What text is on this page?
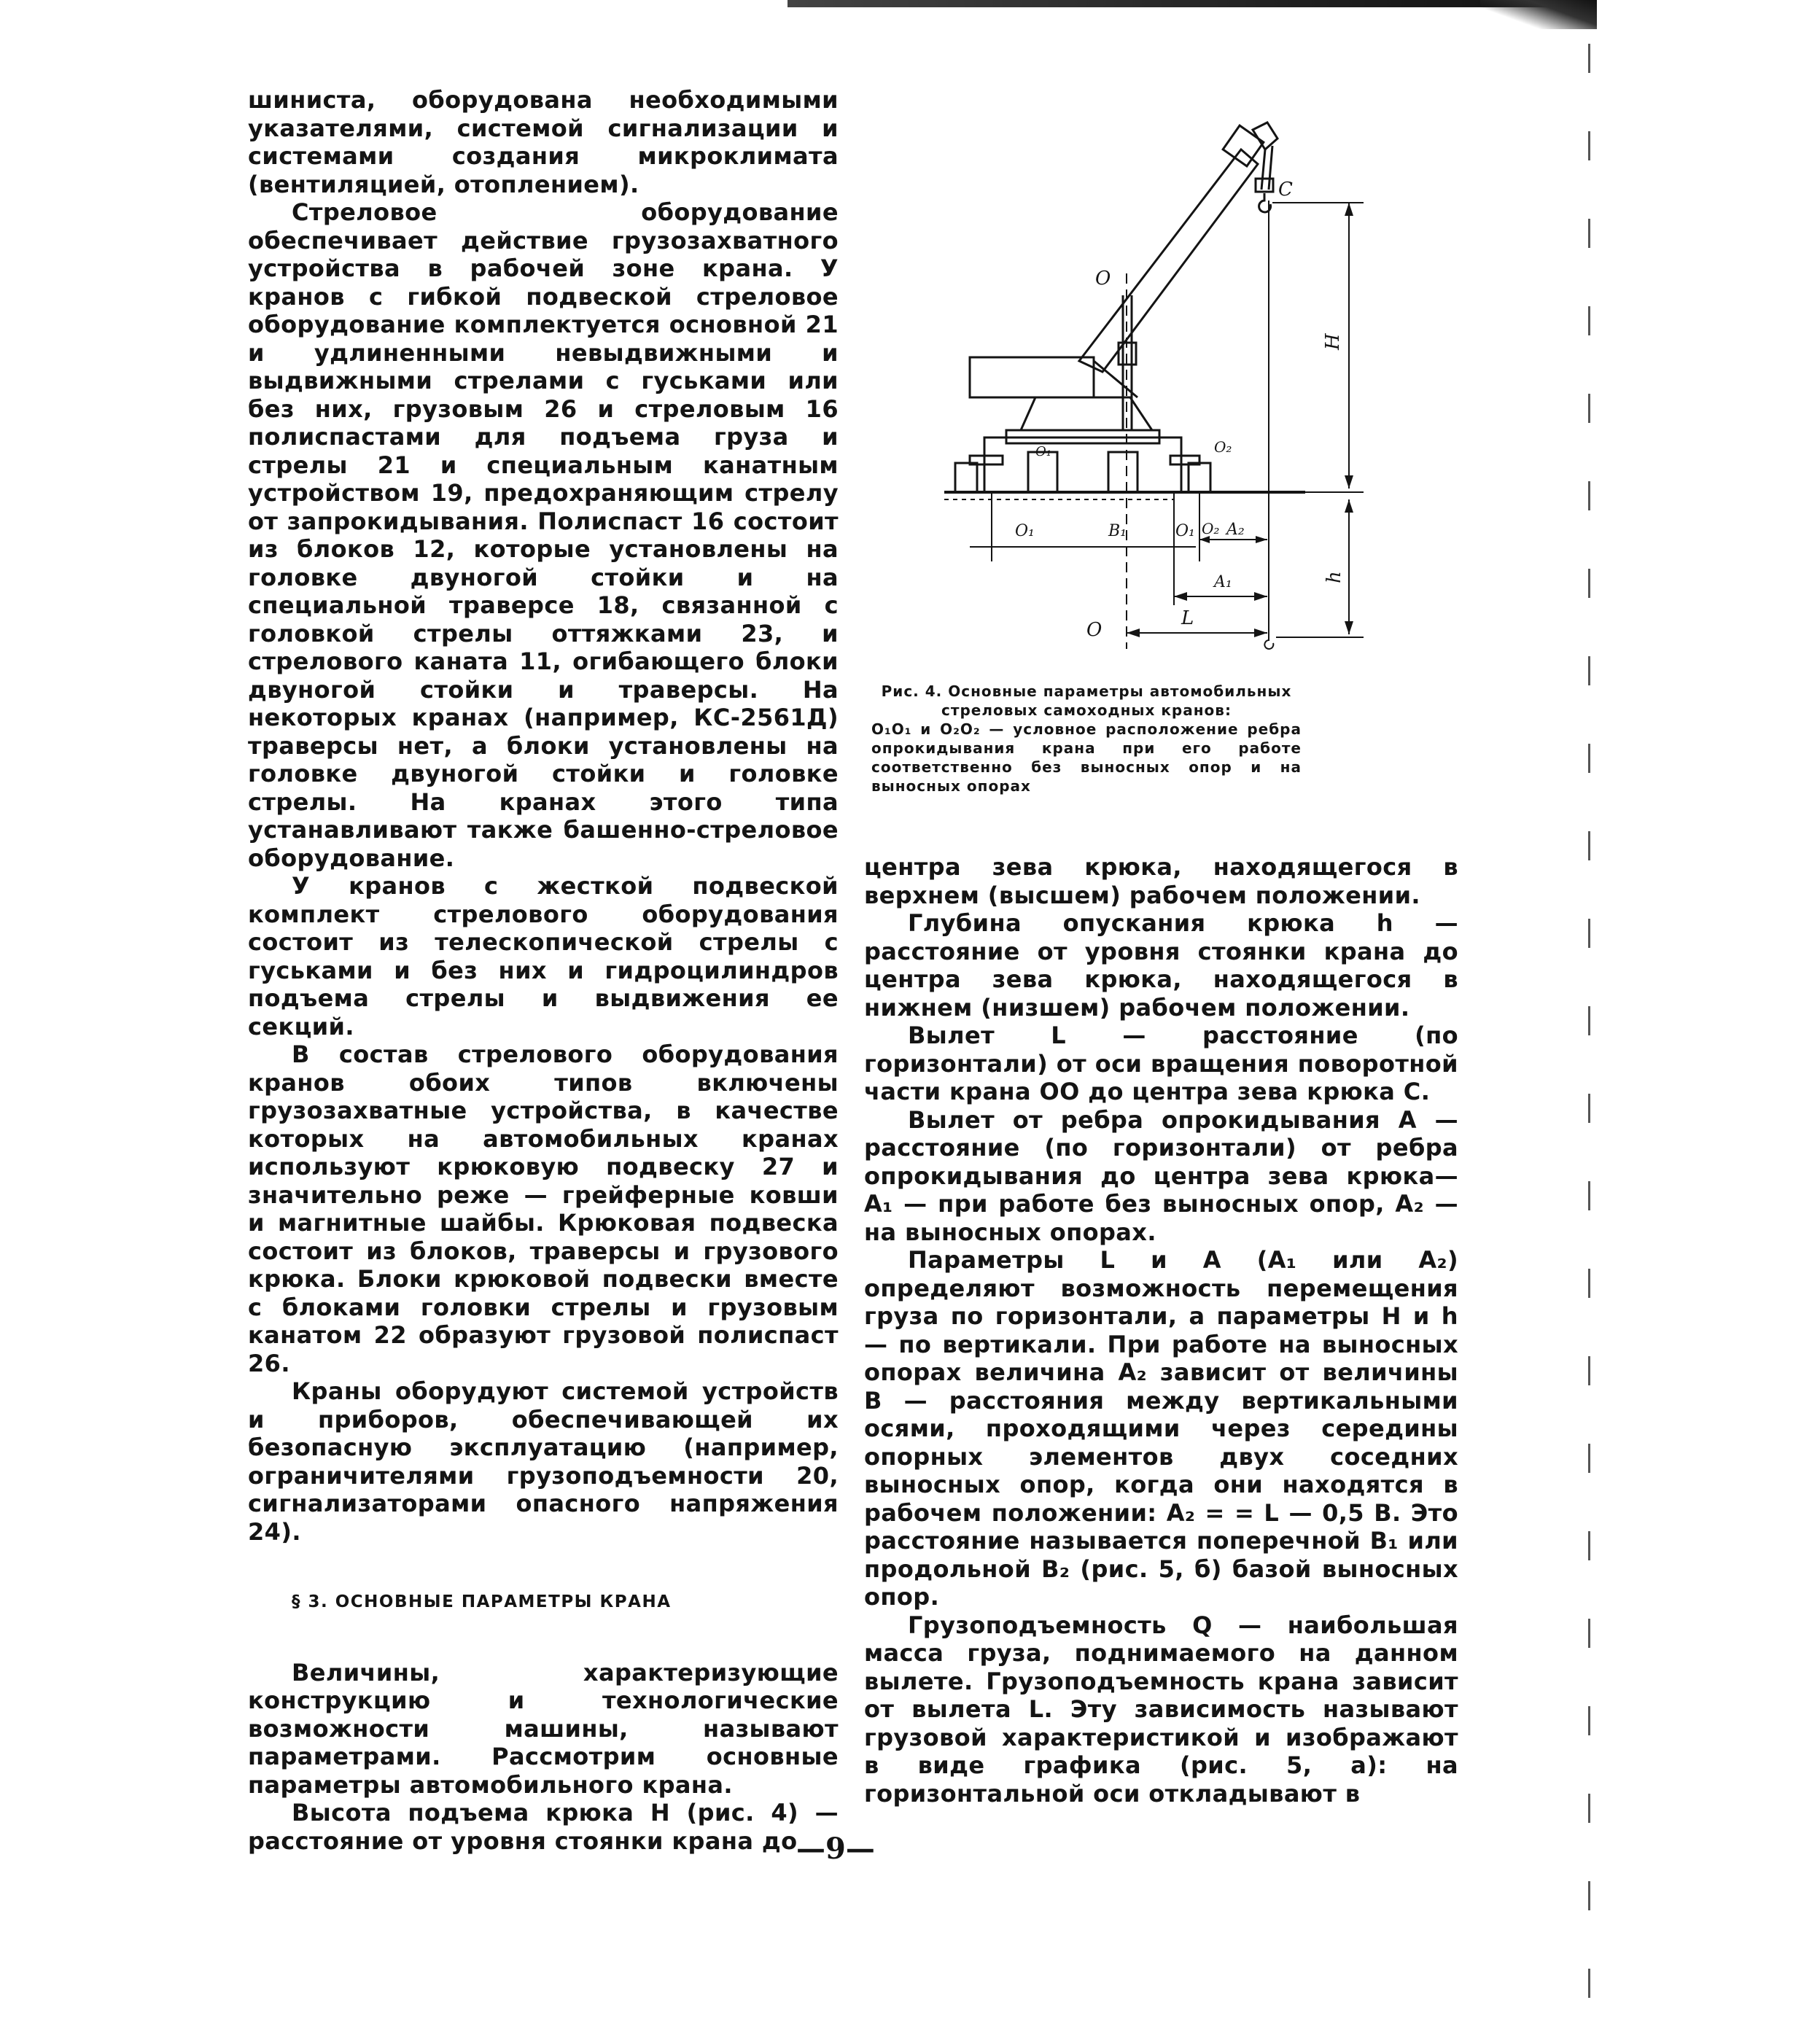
шиниста, оборудована необходимыми указателями, системой сигнализации и системами создания микроклимата (вентиляцией, отоплением).

Стреловое оборудование обеспечивает действие грузозахватного устройства в рабочей зоне крана. У кранов с гибкой подвеской стреловое оборудование комплектуется основной 21 и удлиненными невыдвижными и выдвижными стрелами с гуськами или без них, грузовым 26 и стреловым 16 полиспастами для подъема груза и стрелы 21 и специальным канатным устройством 19, предохраняющим стрелу от запрокидывания. Полиспаст 16 состоит из блоков 12, которые установлены на головке двуногой стойки и на специальной траверсе 18, связанной с головкой стрелы оттяжками 23, и стрелового каната 11, огибающего блоки двуногой стойки и траверсы. На некоторых кранах (например, КС-2561Д) траверсы нет, а блоки установлены на головке двуногой стойки и головке стрелы. На кранах этого типа устанавливают также башенно-стреловое оборудование.

У кранов с жесткой подвеской комплект стрелового оборудования состоит из телескопической стрелы с гуськами и без них и гидроцилиндров подъема стрелы и выдвижения ее секций.

В состав стрелового оборудования кранов обоих типов включены грузозахватные устройства, в качестве которых на автомобильных кранах используют крюковую подвеску 27 и значительно реже — грейферные ковши и магнитные шайбы. Крюковая подвеска состоит из блоков, траверсы и грузового крюка. Блоки крюковой подвески вместе с блоками головки стрелы и грузовым канатом 22 образуют грузовой полиспаст 26.

Краны оборудуют системой устройств и приборов, обеспечивающей их безопасную эксплуатацию (например, ограничителями грузоподъемности 20, сигнализаторами опасного напряжения 24).

§ 3. ОСНОВНЫЕ ПАРАМЕТРЫ КРАНА

Величины, характеризующие конструкцию и технологические возможности машины, называют параметрами. Рассмотрим основные параметры автомобильного крана.

Высота подъема крюка H (рис. 4) — расстояние от уровня стоянки крана до

О
С
H
h
О₁	О₂
О₁	B₁	О₁ О₂ A₂
A₁
О
L

Рис. 4. Основные параметры автомобильных стреловых самоходных кранов:

О₁О₁ и О₂О₂ — условное расположение ребра опрокидывания крана при его работе соответственно без выносных опор и на выносных опорах

центра зева крюка, находящегося в верхнем (высшем) рабочем положении.

Глубина опускания крюка h — расстояние от уровня стоянки крана до центра зева крюка, находящегося в нижнем (низшем) рабочем положении.

Вылет L — расстояние (по горизонтали) от оси вращения поворотной части крана ОО до центра зева крюка С.

Вылет от ребра опрокидывания А — расстояние (по горизонтали) от ребра опрокидывания до центра зева крюка— A₁ — при работе без выносных опор, A₂ — на выносных опорах.

Параметры L и А (A₁ или A₂) определяют возможность перемещения груза по горизонтали, а параметры H и h — по вертикали. При работе на выносных опорах величина A₂ зависит от величины В — расстояния между вертикальными осями, проходящими через середины опорных элементов двух соседних выносных опор, когда они находятся в рабочем положении: A₂ = = L — 0,5 В. Это расстояние называется поперечной B₁ или продольной B₂ (рис. 5, б) базой выносных опор.

Грузоподъемность Q — наибольшая масса груза, поднимаемого на данном вылете. Грузоподъемность крана зависит от вылета L. Эту зависимость называют грузовой характеристикой и изображают в виде графика (рис. 5, а): на горизонтальной оси откладывают в

—9—
